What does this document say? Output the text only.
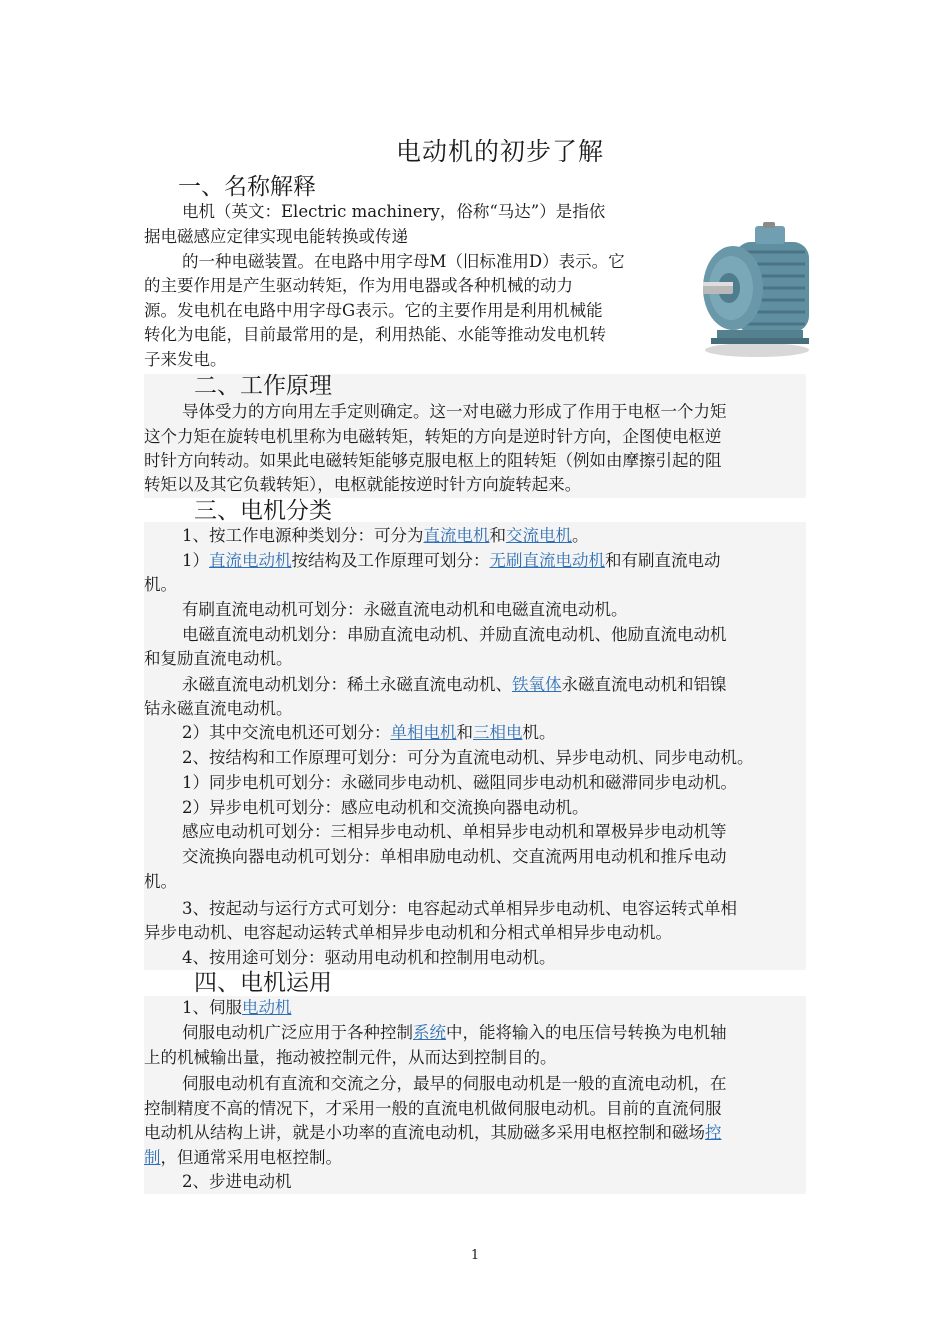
电动机的初步了解
一、名称解释
电机（英文：Electric machinery，俗称“马达”）是指依
据电磁感应定律实现电能转换或传递
的一种电磁装置。在电路中用字母M（旧标准用D）表示。它
的主要作用是产生驱动转矩，作为用电器或各种机械的动力
源。发电机在电路中用字母G表示。它的主要作用是利用机械能
转化为电能，目前最常用的是，利用热能、水能等推动发电机转
子来发电。
二、工作原理
导体受力的方向用左手定则确定。这一对电磁力形成了作用于电枢一个力矩
这个力矩在旋转电机里称为电磁转矩，转矩的方向是逆时针方向，企图使电枢逆
时针方向转动。如果此电磁转矩能够克服电枢上的阻转矩（例如由摩擦引起的阻
转矩以及其它负载转矩），电枢就能按逆时针方向旋转起来。
三、电机分类
1、按工作电源种类划分：可分为直流电机和交流电机。
1）直流电动机按结构及工作原理可划分：无刷直流电动机和有刷直流电动
机。
有刷直流电动机可划分：永磁直流电动机和电磁直流电动机。
电磁直流电动机划分：串励直流电动机、并励直流电动机、他励直流电动机
和复励直流电动机。
永磁直流电动机划分：稀土永磁直流电动机、铁氧体永磁直流电动机和铝镍
钴永磁直流电动机。
2）其中交流电机还可划分：单相电机和三相电机。
2、按结构和工作原理可划分：可分为直流电动机、异步电动机、同步电动机。
1）同步电机可划分：永磁同步电动机、磁阻同步电动机和磁滞同步电动机。
2）异步电机可划分：感应电动机和交流换向器电动机。
感应电动机可划分：三相异步电动机、单相异步电动机和罩极异步电动机等
交流换向器电动机可划分：单相串励电动机、交直流两用电动机和推斥电动
机。
3、按起动与运行方式可划分：电容起动式单相异步电动机、电容运转式单相
异步电动机、电容起动运转式单相异步电动机和分相式单相异步电动机。
4、按用途可划分：驱动用电动机和控制用电动机。
四、电机运用
1、伺服电动机
伺服电动机广泛应用于各种控制系统中，能将输入的电压信号转换为电机轴
上的机械输出量，拖动被控制元件，从而达到控制目的。
伺服电动机有直流和交流之分，最早的伺服电动机是一般的直流电动机，在
控制精度不高的情况下，才采用一般的直流电机做伺服电动机。目前的直流伺服
电动机从结构上讲，就是小功率的直流电动机，其励磁多采用电枢控制和磁场控
制，但通常采用电枢控制。
2、步进电动机
1
